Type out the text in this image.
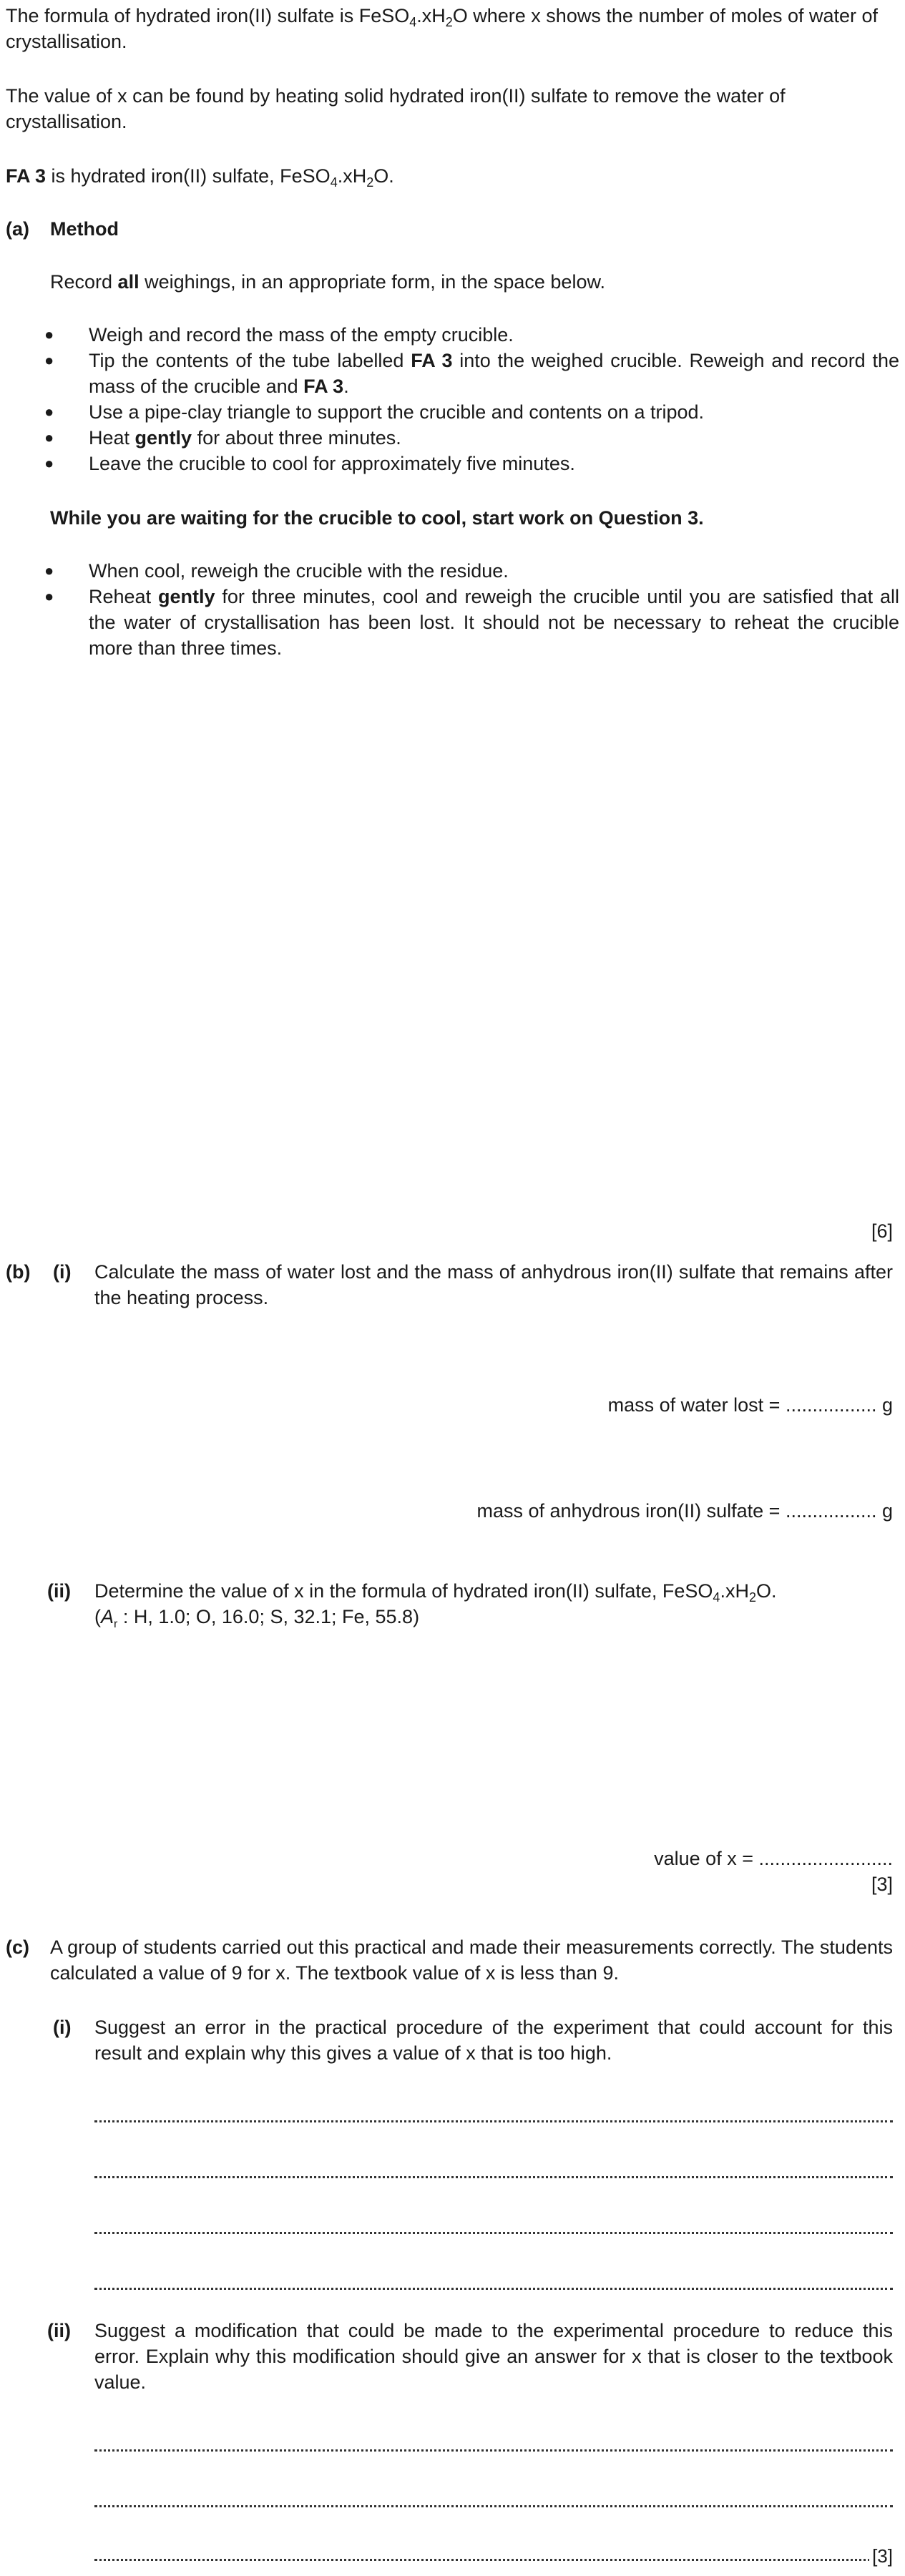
The formula of hydrated iron(II) sulfate is $FeSO_4.xH_2O$ where x shows the number of moles of water of crystallisation.

The value of x can be found by heating solid hydrated iron(II) sulfate to remove the water of crystallisation.

FA 3 is hydrated iron(II) sulfate, $FeSO_4.xH_2O$.

(a) Method

Record all weighings, in an appropriate form, in the space below.

● Weigh and record the mass of the empty crucible.
● Tip the contents of the tube labelled FA 3 into the weighed crucible. Reweigh and record the mass of the crucible and FA 3.
● Use a pipe-clay triangle to support the crucible and contents on a tripod.
● Heat gently for about three minutes.
● Leave the crucible to cool for approximately five minutes.

While you are waiting for the crucible to cool, start work on Question 3.

● When cool, reweigh the crucible with the residue.
● Reheat gently for three minutes, cool and reweigh the crucible until you are satisfied that all the water of crystallisation has been lost. It should not be necessary to reheat the crucible more than three times.
[6]
(b) (i) Calculate the mass of water lost and the mass of anhydrous iron(II) sulfate that remains after the heating process.
mass of water lost = ................. g
mass of anhydrous iron(II) sulfate = ................. g
(ii) Determine the value of x in the formula of hydrated iron(II) sulfate, $FeSO_4.xH_2O$.
($A_r$ : H, 1.0; O, 16.0; S, 32.1; Fe, 55.8)
value of x = .........................
[3]
(c) A group of students carried out this practical and made their measurements correctly. The students calculated a value of 9 for x. The textbook value of x is less than 9.
(i) Suggest an error in the practical procedure of the experiment that could account for this result and explain why this gives a value of x that is too high.
(ii) Suggest a modification that could be made to the experimental procedure to reduce this error. Explain why this modification should give an answer for x that is closer to the textbook value.
[3]
